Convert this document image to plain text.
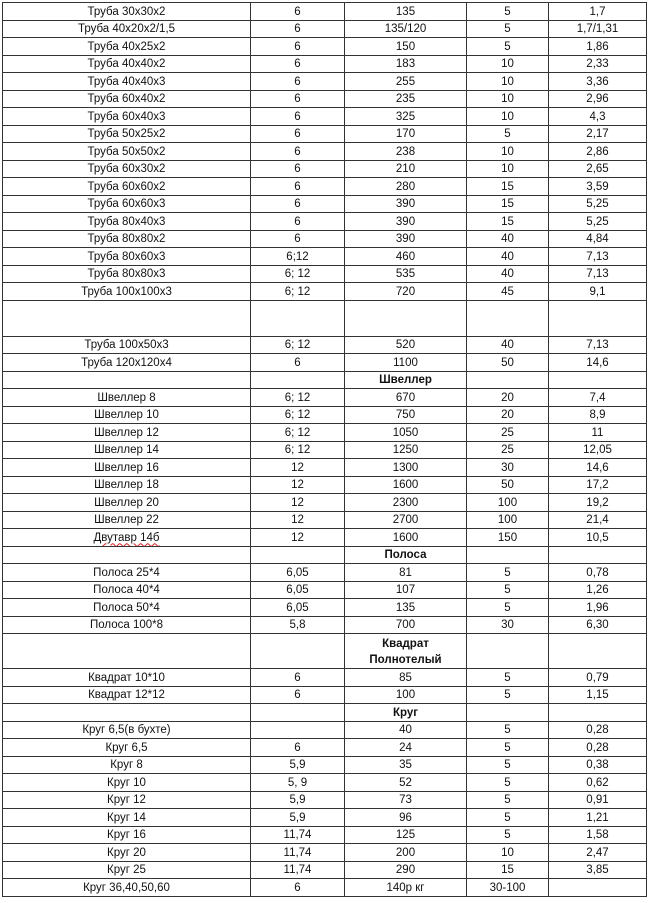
Труба 30х30х2	6	135	5	1,7
Труба 40х20х2/1,5	6	135/120	5	1,7/1,31
Труба 40х25х2	6	150	5	1,86
Труба 40х40х2	6	183	10	2,33
Труба 40х40х3	6	255	10	3,36
Труба 60х40х2	6	235	10	2,96
Труба 60х40х3	6	325	10	4,3
Труба 50х25х2	6	170	5	2,17
Труба 50х50х2	6	238	10	2,86
Труба 60х30х2	6	210	10	2,65
Труба 60х60х2	6	280	15	3,59
Труба 60х60х3	6	390	15	5,25
Труба 80х40х3	6	390	15	5,25
Труба 80х80х2	6	390	40	4,84
Труба 80х60х3	6;12	460	40	7,13
Труба 80х80х3	6; 12	535	40	7,13
Труба 100х100х3	6; 12	720	45	9,1

Труба 100х50х3	6; 12	520	40	7,13
Труба 120х120х4	6	1100	50	14,6
		Швеллер		
Швеллер 8	6; 12	670	20	7,4
Швеллер 10	6; 12	750	20	8,9
Швеллер 12	6; 12	1050	25	11
Швеллер 14	6; 12	1250	25	12,05
Швеллер 16	12	1300	30	14,6
Швеллер 18	12	1600	50	17,2
Швеллер 20	12	2300	100	19,2
Швеллер 22	12	2700	100	21,4
Двутавр 14б	12	1600	150	10,5
		Полоса		
Полоса 25*4	6,05	81	5	0,78
Полоса 40*4	6,05	107	5	1,26
Полоса 50*4	6,05	135	5	1,96
Полоса 100*8	5,8	700	30	6,30
		Квадрат Полнотелый		
Квадрат 10*10	6	85	5	0,79
Квадрат 12*12	6	100	5	1,15
		Круг		
Круг 6,5(в бухте)		40	5	0,28
Круг 6,5	6	24	5	0,28
Круг 8	5,9	35	5	0,38
Круг 10	5, 9	52	5	0,62
Круг 12	5,9	73	5	0,91
Круг 14	5,9	96	5	1,21
Круг 16	11,74	125	5	1,58
Круг 20	11,74	200	10	2,47
Круг 25	11,74	290	15	3,85
Круг 36,40,50,60	6	140р кг	30-100	
